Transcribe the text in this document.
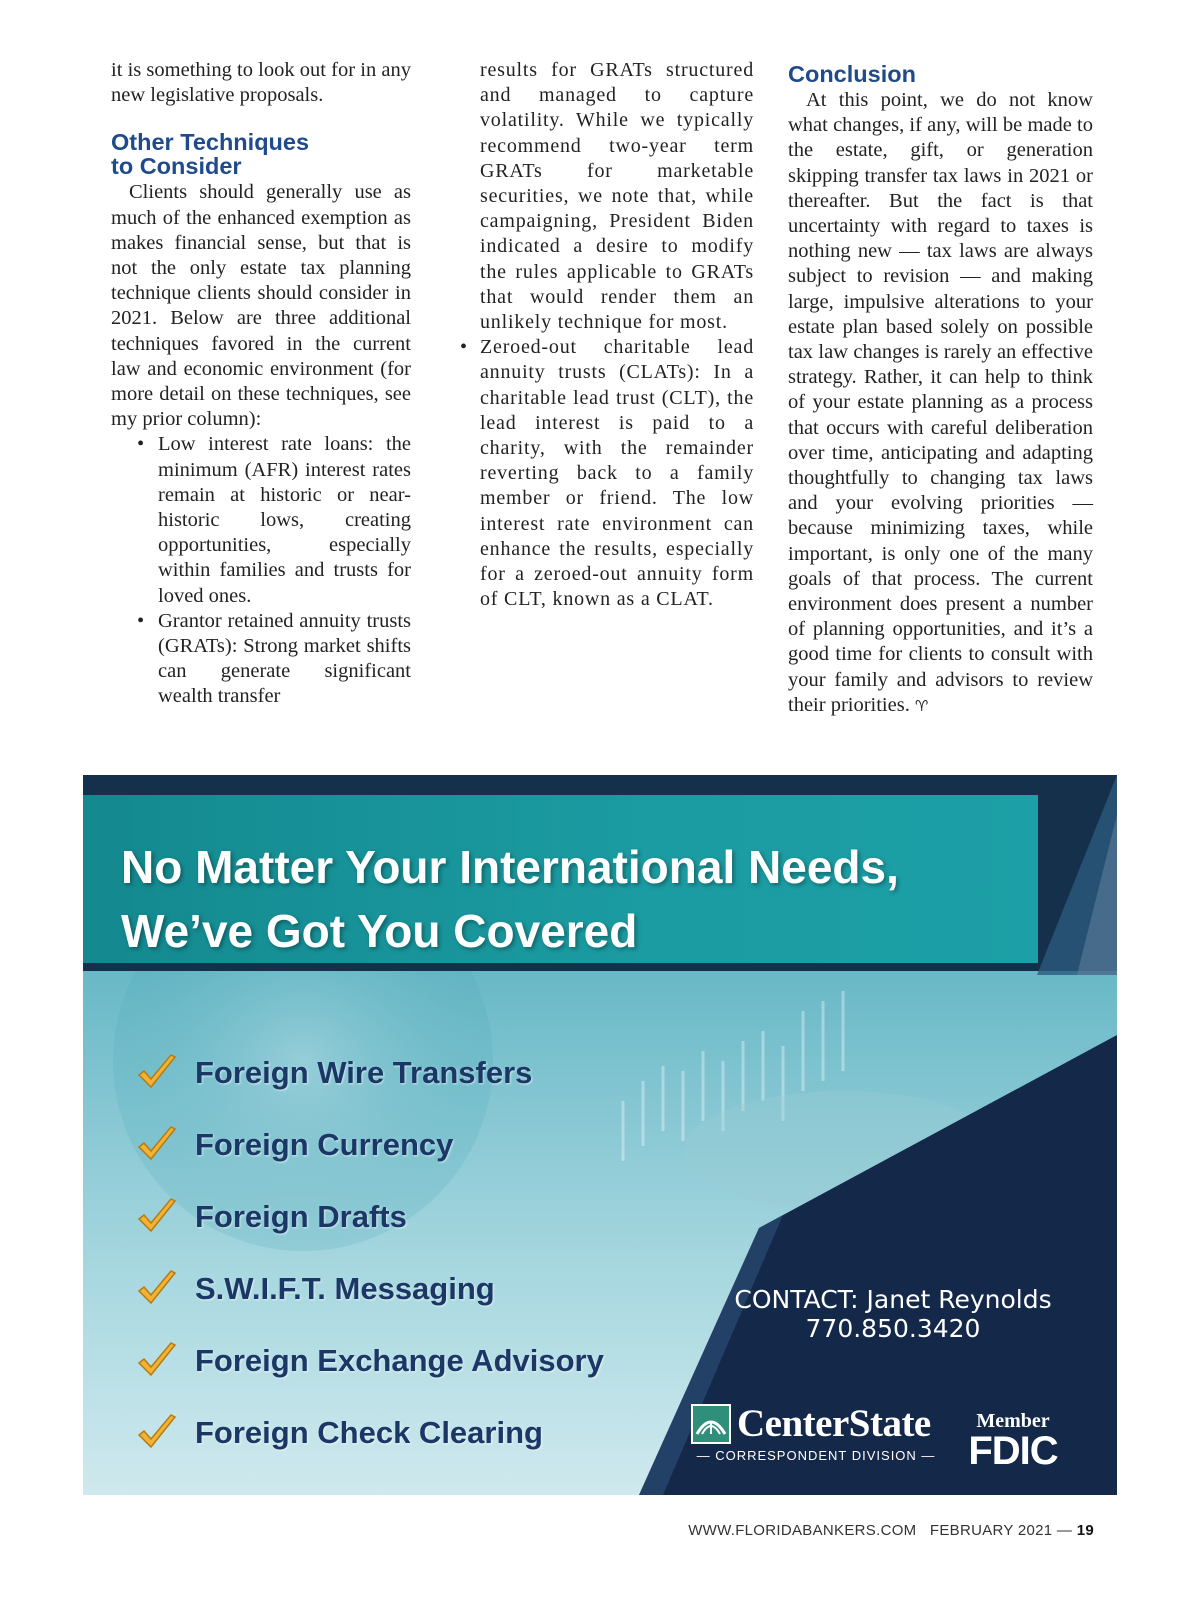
it is something to look out for in any new legislative proposals.

Other Techniques
to Consider

Clients should generally use as much of the enhanced exemption as makes financial sense, but that is not the only estate tax planning technique clients should consider in 2021. Below are three additional techniques favored in the current law and economic environment (for more detail on these techniques, see my prior column):

• Low interest rate loans: the minimum (AFR) interest rates remain at historic or near-historic lows, creating opportunities, especially within families and trusts for loved ones.
• Grantor retained annuity trusts (GRATs): Strong market shifts can generate significant wealth transfer
results for GRATs structured and managed to capture volatility. While we typically recommend two-year term GRATs for marketable securities, we note that, while campaigning, President Biden indicated a desire to modify the rules applicable to GRATs that would render them an unlikely technique for most.
• Zeroed-out charitable lead annuity trusts (CLATs): In a charitable lead trust (CLT), the lead interest is paid to a charity, with the remainder reverting back to a family member or friend. The low interest rate environment can enhance the results, especially for a zeroed-out annuity form of CLT, known as a CLAT.
Conclusion

At this point, we do not know what changes, if any, will be made to the estate, gift, or generation skipping transfer tax laws in 2021 or thereafter. But the fact is that uncertainty with regard to taxes is nothing new — tax laws are always subject to revision — and making large, impulsive alterations to your estate plan based solely on possible tax law changes is rarely an effective strategy. Rather, it can help to think of your estate planning as a process that occurs with careful deliberation over time, anticipating and adapting thoughtfully to changing tax laws and your evolving priorities — because minimizing taxes, while important, is only one of the many goals of that process. The current environment does present a number of planning opportunities, and it’s a good time for clients to consult with your family and advisors to review their priorities. ♈

No Matter Your International Needs,
We’ve Got You Covered
Foreign Wire Transfers
Foreign Currency
Foreign Drafts
S.W.I.F.T. Messaging
Foreign Exchange Advisory
Foreign Check Clearing
CONTACT: Janet Reynolds
770.850.3420
CenterState
— CORRESPONDENT DIVISION —
Member
FDIC
WWW.FLORIDABANKERS.COM FEBRUARY 2021 — 19
